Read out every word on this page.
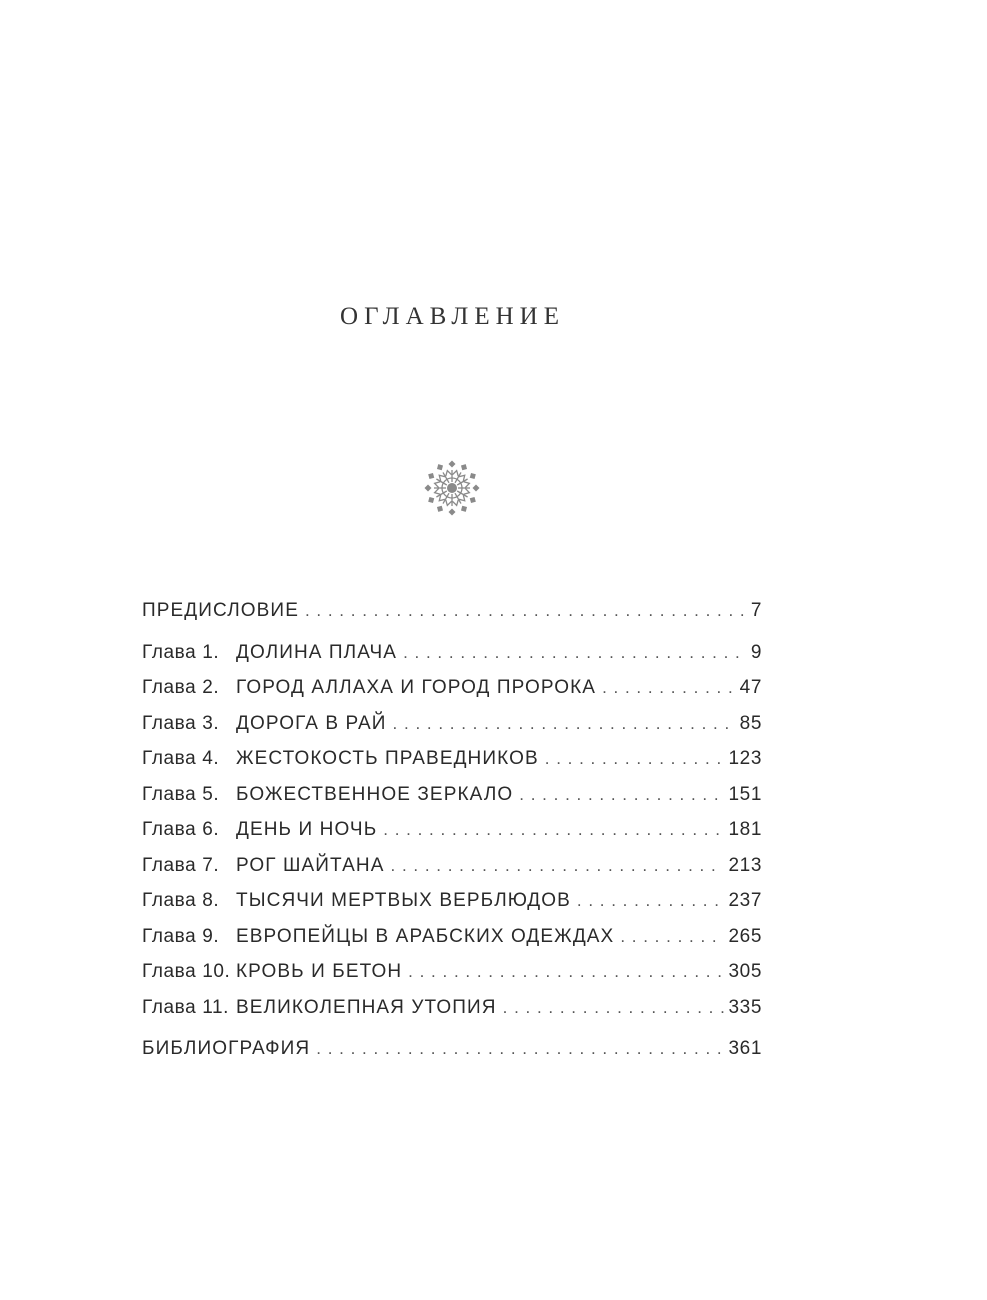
ОГЛАВЛЕНИЕ
ПРЕДИСЛОВИЕ . . .	7
Глава 1. ДОЛИНА ПЛАЧА . . .	9
Глава 2. ГОРОД АЛЛАХА И ГОРОД ПРОРОКА . . .	47
Глава 3. ДОРОГА В РАЙ . . .	85
Глава 4. ЖЕСТОКОСТЬ ПРАВЕДНИКОВ . . .	123
Глава 5. БОЖЕСТВЕННОЕ ЗЕРКАЛО . . .	151
Глава 6. ДЕНЬ И НОЧЬ . . .	181
Глава 7. РОГ ШАЙТАНА . . .	213
Глава 8. ТЫСЯЧИ МЕРТВЫХ ВЕРБЛЮДОВ . . .	237
Глава 9. ЕВРОПЕЙЦЫ В АРАБСКИХ ОДЕЖДАХ . . .	265
Глава 10. КРОВЬ И БЕТОН . . .	305
Глава 11. ВЕЛИКОЛЕПНАЯ УТОПИЯ . . .	335
БИБЛИОГРАФИЯ . . .	361
